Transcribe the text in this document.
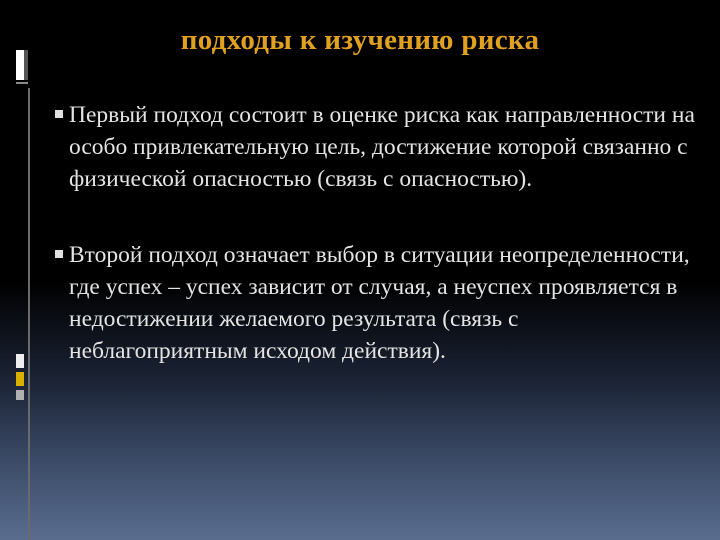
подходы к изучению риска
Первый подход состоит в оценке риска как направленности на особо привлекательную цель, достижение которой связанно с физической опасностью (связь с опасностью).
Второй подход означает выбор в ситуации неопределенности, где успех – успех зависит от случая, а неуспех проявляется в недостижении желаемого результата (связь с неблагоприятным исходом действия).
